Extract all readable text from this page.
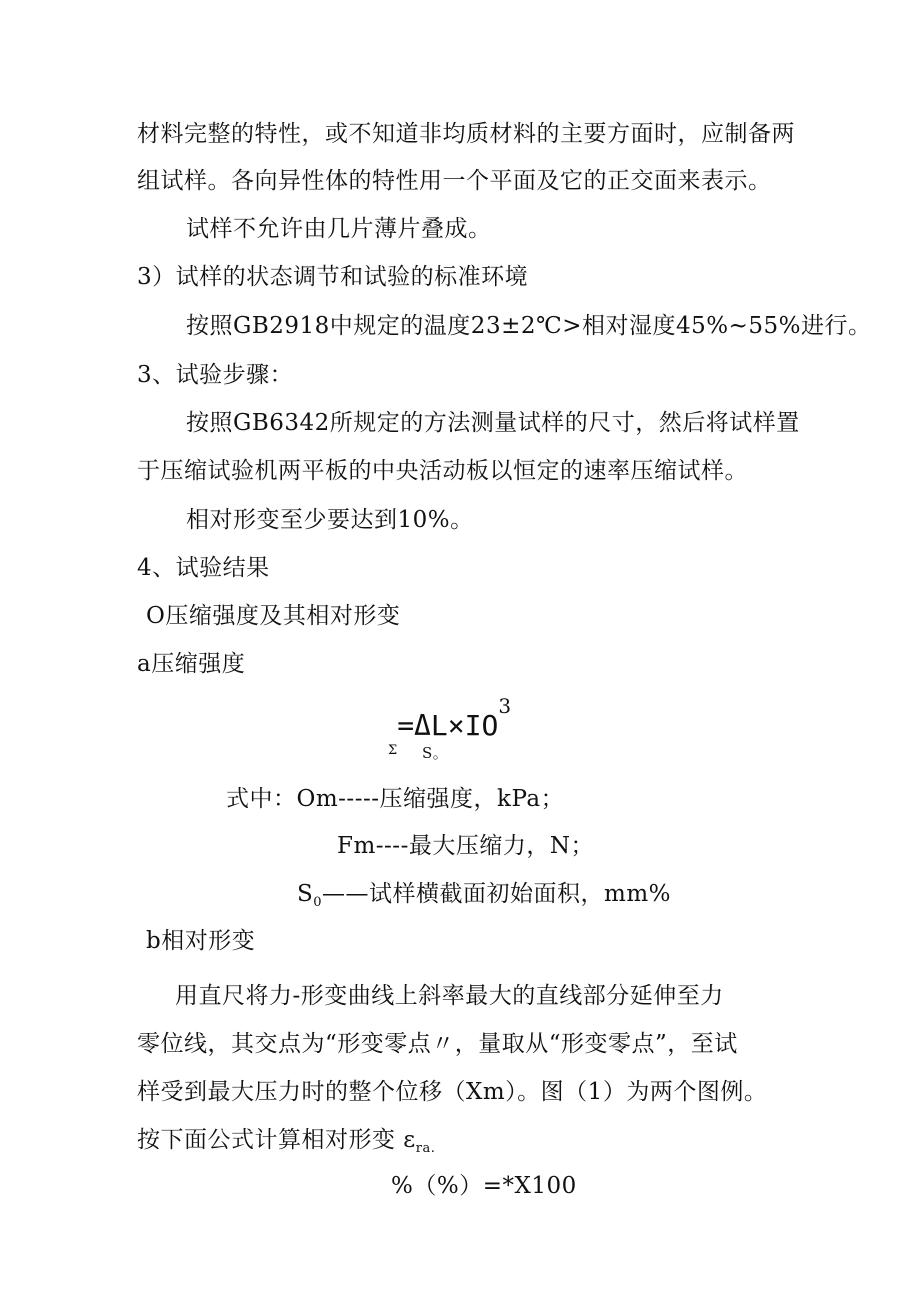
材料完整的特性，或不知道非均质材料的主要方面时，应制备两
组试样。各向异性体的特性用一个平面及它的正交面来表示。
试样不允许由几片薄片叠成。
3）试样的状态调节和试验的标准环境
按照GB2918中规定的温度23±2℃>相对湿度45%~55%进行。
3、试验步骤：
按照GB6342所规定的方法测量试样的尺寸，然后将试样置
于压缩试验机两平板的中央活动板以恒定的速率压缩试样。
相对形变至少要达到10%。
4、试验结果
O压缩强度及其相对形变
a压缩强度
$_\Sigma$=ΔL×IO3
S。
式中：Om-----压缩强度，kPa；
Fm----最大压缩力，N；
$S_0——$试样横截面初始面积，mm%
b相对形变
用直尺将力-形变曲线上斜率最大的直线部分延伸至力
零位线，其交点为“形变零点〃，量取从“形变零点”，至试
样受到最大压力时的整个位移（Xm）。图（1）为两个图例。
按下面公式计算相对形变 $\varepsilon_{ra.}$
%（%）=*X100
